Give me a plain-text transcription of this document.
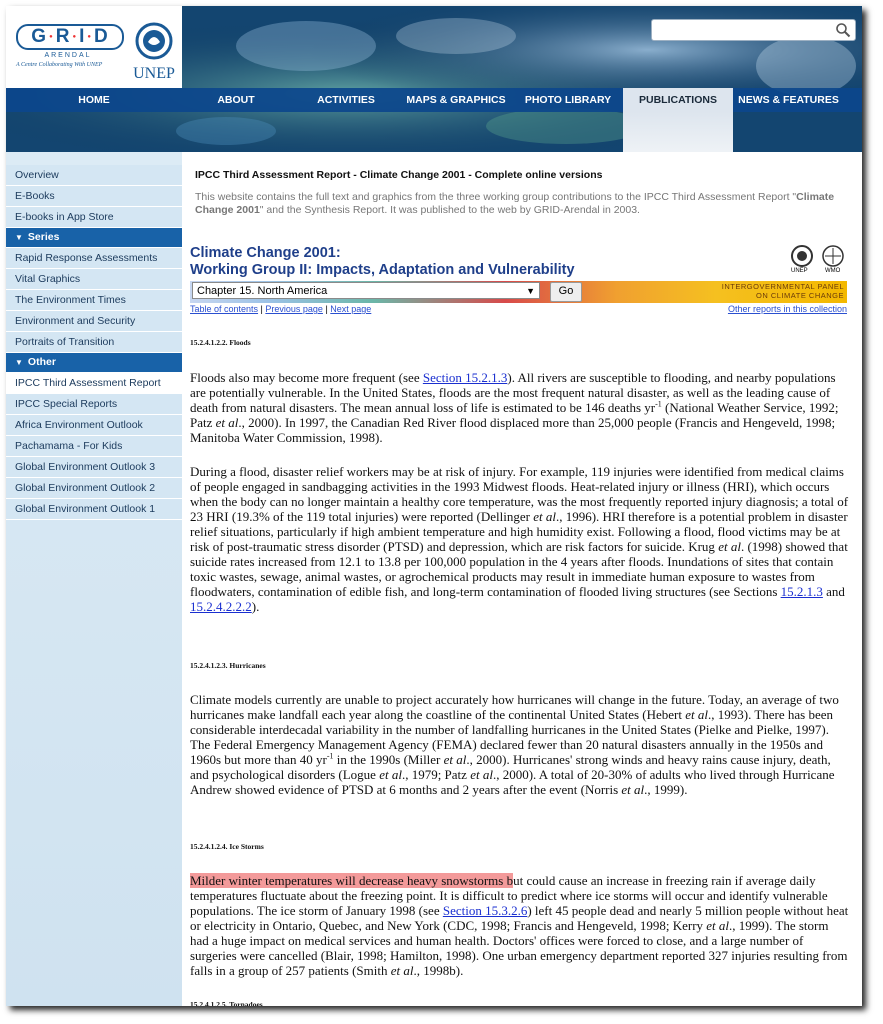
G ● R ● I ● D
ARENDAL
A Centre Collaborating With UNEP	UNEP
HOME	ABOUT	ACTIVITIES	MAPS & GRAPHICS	PHOTO LIBRARY	PUBLICATIONS	NEWS & FEATURES
Overview
E-Books
E-books in App Store
▼ Series
Rapid Response Assessments
Vital Graphics
The Environment Times
Environment and Security
Portraits of Transition
▼ Other
IPCC Third Assessment Report
IPCC Special Reports
Africa Environment Outlook
Pachamama - For Kids
Global Environment Outlook 3
Global Environment Outlook 2
Global Environment Outlook 1
IPCC Third Assessment Report - Climate Change 2001 - Complete online versions
This website contains the full text and graphics from the three working group contributions to the IPCC Third Assessment Report "Climate Change 2001" and the Synthesis Report. It was published to the web by GRID-Arendal in 2003.
Climate Change 2001:
Working Group II: Impacts, Adaptation and Vulnerability	UNEP	WMO
Chapter 15. North America	▼	Go	INTERGOVERNMENTAL PANEL
ON CLIMATE CHANGE
Table of contents | Previous page | Next page	Other reports in this collection
15.2.4.1.2.2. Floods
Floods also may become more frequent (see Section 15.2.1.3). All rivers are susceptible to flooding, and nearby populations are potentially vulnerable. In the United States, floods are the most frequent natural disaster, as well as the leading cause of death from natural disasters. The mean annual loss of life is estimated to be 146 deaths $yr^{-1}$ (National Weather Service, 1992; Patz et al., 2000). In 1997, the Canadian Red River flood displaced more than 25,000 people (Francis and Hengeveld, 1998; Manitoba Water Commission, 1998).
During a flood, disaster relief workers may be at risk of injury. For example, 119 injuries were identified from medical claims of people engaged in sandbagging activities in the 1993 Midwest floods. Heat-related injury or illness (HRI), which occurs when the body can no longer maintain a healthy core temperature, was the most frequently reported injury diagnosis; a total of 23 HRI (19.3% of the 119 total injuries) were reported (Dellinger et al., 1996). HRI therefore is a potential problem in disaster relief situations, particularly if high ambient temperature and high humidity exist. Following a flood, flood victims may be at risk of post-traumatic stress disorder (PTSD) and depression, which are risk factors for suicide. Krug et al. (1998) showed that suicide rates increased from 12.1 to 13.8 per 100,000 population in the 4 years after floods. Inundations of sites that contain toxic wastes, sewage, animal wastes, or agrochemical products may result in immediate human exposure to wastes from floodwaters, contamination of edible fish, and long-term contamination of flooded living structures (see Sections 15.2.1.3 and 15.2.4.2.2.2).
15.2.4.1.2.3. Hurricanes
Climate models currently are unable to project accurately how hurricanes will change in the future. Today, an average of two hurricanes make landfall each year along the coastline of the continental United States (Hebert et al., 1993). There has been considerable interdecadal variability in the number of landfalling hurricanes in the United States (Pielke and Pielke, 1997). The Federal Emergency Management Agency (FEMA) declared fewer than 20 natural disasters annually in the 1950s and 1960s but more than 40 $yr^{-1}$ in the 1990s (Miller et al., 2000). Hurricanes' strong winds and heavy rains cause injury, death, and psychological disorders (Logue et al., 1979; Patz et al., 2000). A total of 20-30% of adults who lived through Hurricane Andrew showed evidence of PTSD at 6 months and 2 years after the event (Norris et al., 1999).
15.2.4.1.2.4. Ice Storms
Milder winter temperatures will decrease heavy snowstorms but could cause an increase in freezing rain if average daily temperatures fluctuate about the freezing point. It is difficult to predict where ice storms will occur and identify vulnerable populations. The ice storm of January 1998 (see Section 15.3.2.6) left 45 people dead and nearly 5 million people without heat or electricity in Ontario, Quebec, and New York (CDC, 1998; Francis and Hengeveld, 1998; Kerry et al., 1999). The storm had a huge impact on medical services and human health. Doctors' offices were forced to close, and a large number of surgeries were cancelled (Blair, 1998; Hamilton, 1998). One urban emergency department reported 327 injuries resulting from falls in a group of 257 patients (Smith et al., 1998b).
15.2.4.1.2.5. Tornadoes
